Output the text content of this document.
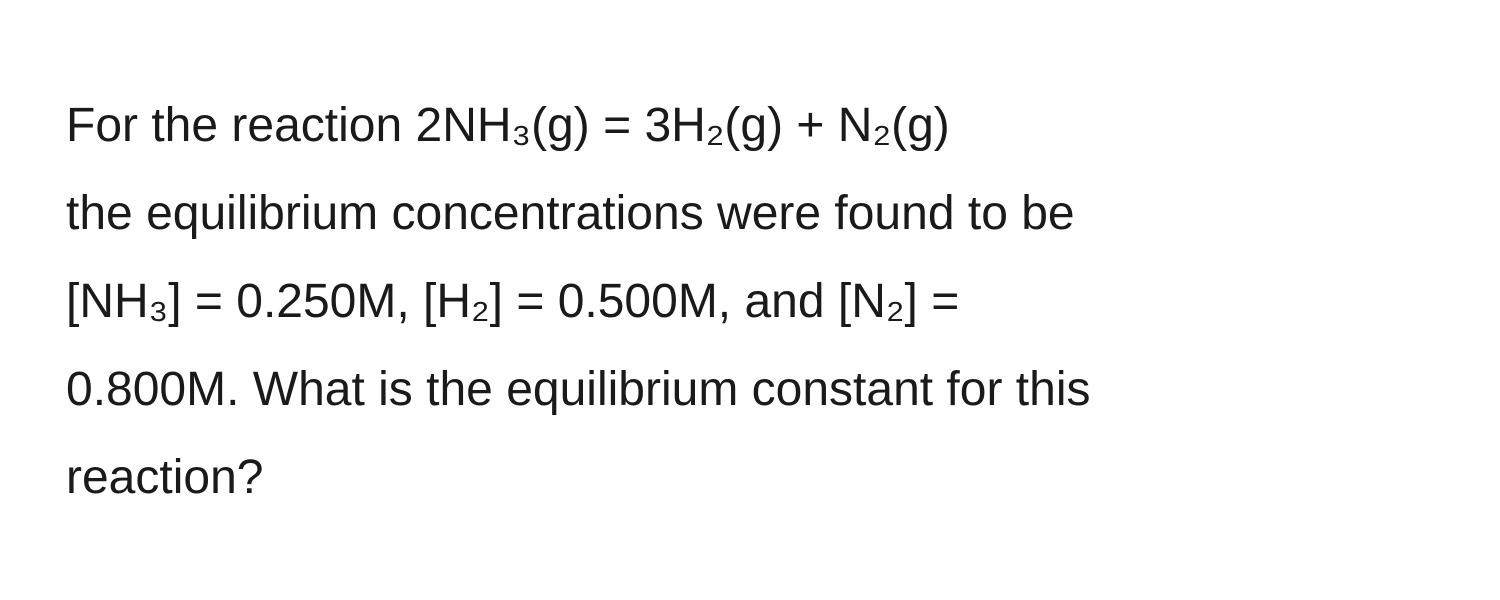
For the reaction 2NH₃(g) = 3H₂(g) + N₂(g)
the equilibrium concentrations were found to be
[NH₃] = 0.250M, [H₂] = 0.500M, and [N₂] =
0.800M. What is the equilibrium constant for this
reaction?
